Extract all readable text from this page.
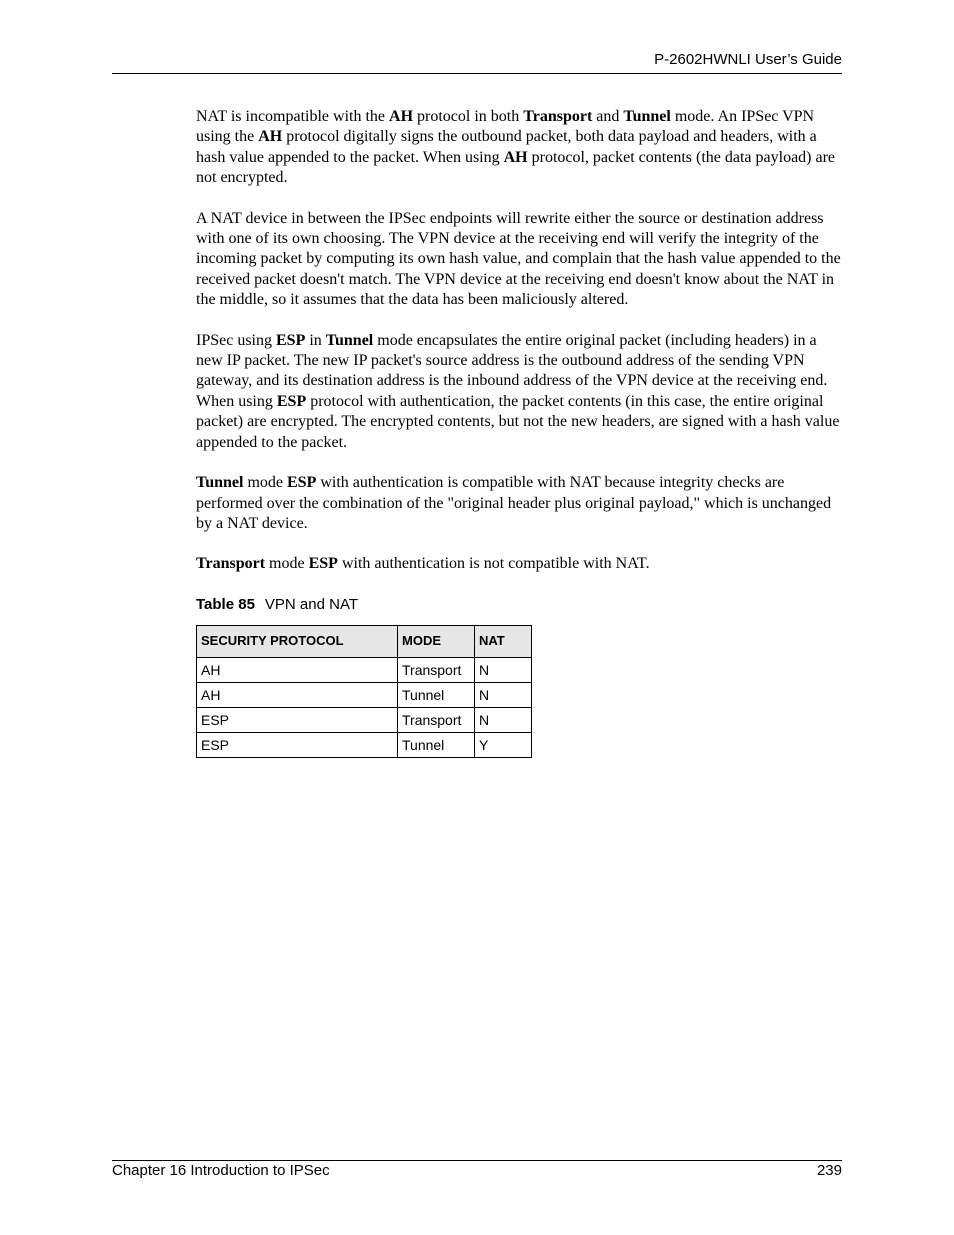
P-2602HWNLI User’s Guide

NAT is incompatible with the AH protocol in both Transport and Tunnel mode. An IPSec VPN using the AH protocol digitally signs the outbound packet, both data payload and headers, with a hash value appended to the packet. When using AH protocol, packet contents (the data payload) are not encrypted.

A NAT device in between the IPSec endpoints will rewrite either the source or destination address with one of its own choosing. The VPN device at the receiving end will verify the integrity of the incoming packet by computing its own hash value, and complain that the hash value appended to the received packet doesn't match. The VPN device at the receiving end doesn't know about the NAT in the middle, so it assumes that the data has been maliciously altered.

IPSec using ESP in Tunnel mode encapsulates the entire original packet (including headers) in a new IP packet. The new IP packet's source address is the outbound address of the sending VPN gateway, and its destination address is the inbound address of the VPN device at the receiving end. When using ESP protocol with authentication, the packet contents (in this case, the entire original packet) are encrypted. The encrypted contents, but not the new headers, are signed with a hash value appended to the packet.

Tunnel mode ESP with authentication is compatible with NAT because integrity checks are performed over the combination of the "original header plus original payload," which is unchanged by a NAT device.

Transport mode ESP with authentication is not compatible with NAT.

Table 85 VPN and NAT
SECURITY PROTOCOL	MODE	NAT
AH	Transport	N
AH	Tunnel	N
ESP	Transport	N
ESP	Tunnel	Y
Chapter 16 Introduction to IPSec	239
